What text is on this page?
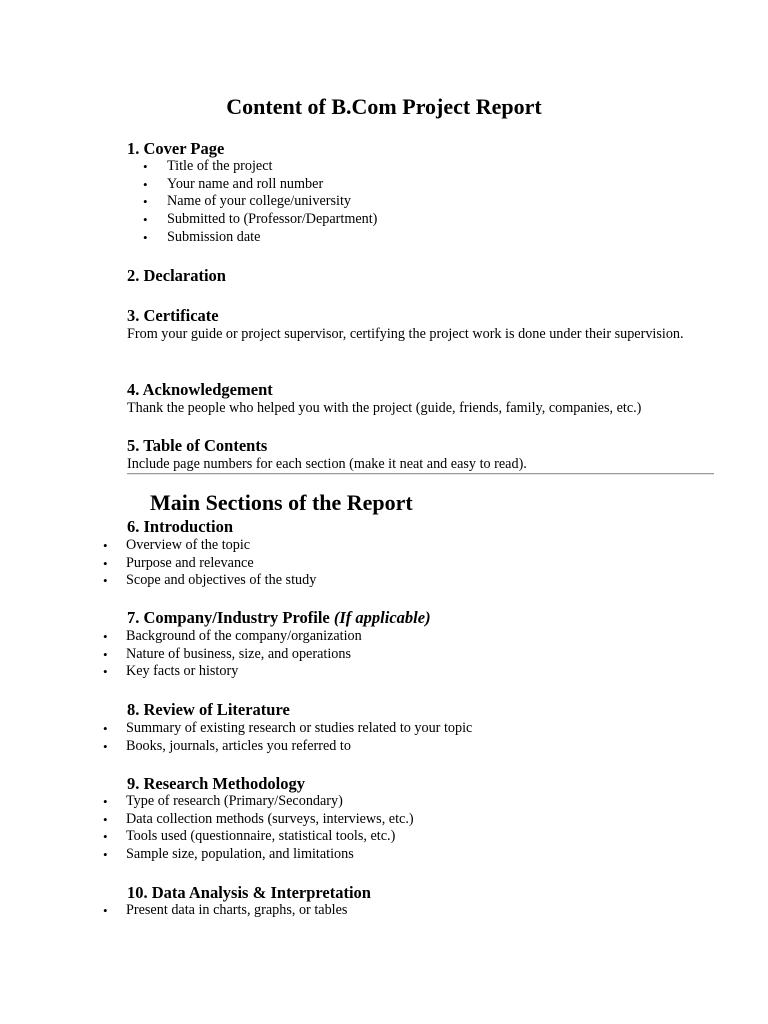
Content of B.Com Project Report
1. Cover Page
• Title of the project
• Your name and roll number
• Name of your college/university
• Submitted to (Professor/Department)
• Submission date
2. Declaration
3. Certificate

From your guide or project supervisor, certifying the project work is done under their supervision.

4. Acknowledgement

Thank the people who helped you with the project (guide, friends, family, companies, etc.)

5. Table of Contents

Include page numbers for each section (make it neat and easy to read).

Main Sections of the Report
6. Introduction
• Overview of the topic
• Purpose and relevance
• Scope and objectives of the study
7. Company/Industry Profile (If applicable)
• Background of the company/organization
• Nature of business, size, and operations
• Key facts or history
8. Review of Literature
• Summary of existing research or studies related to your topic
• Books, journals, articles you referred to
9. Research Methodology
• Type of research (Primary/Secondary)
• Data collection methods (surveys, interviews, etc.)
• Tools used (questionnaire, statistical tools, etc.)
• Sample size, population, and limitations
10. Data Analysis & Interpretation
• Present data in charts, graphs, or tables
